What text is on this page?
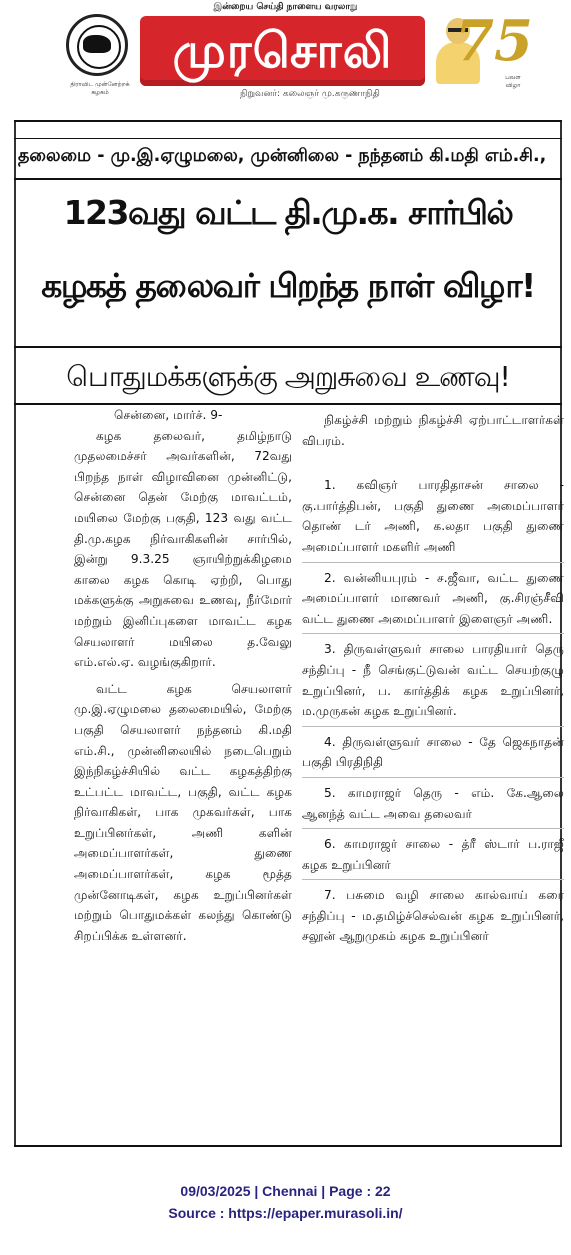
இன்றைய செய்தி நாளைய வரலாறு
திராவிட முன்னேற்றக் கழகம்
முரசொலி
நிறுவனர்: கலைஞர் மு.கருணாநிதி
75
பவள விழா
தலைமை - மு.இ.ஏழுமலை, முன்னிலை - நந்தனம் கி.மதி எம்.சி.,
123வது வட்ட தி.மு.க. சார்பில்
கழகத் தலைவர் பிறந்த நாள் விழா!
பொதுமக்களுக்கு அறுசுவை உணவு!

சென்னை, மார்ச். 9-

கழக தலைவர், தமிழ்நாடு முதலமைச்சர் அவர்களின், 72வது பிறந்த நாள் விழாவினை முன்னிட்டு, சென்னை தென் மேற்கு மாவட்டம், மயிலை மேற்கு பகுதி, 123 வது வட்ட தி.மு.கழக நிர்வாகிகளின் சார்பில், இன்று 9.3.25 ஞாயிற்றுக்கிழமை காலை கழக கொடி ஏற்றி, பொது மக்களுக்கு அறுசுவை உணவு, நீர்மோர் மற்றும் இனிப்புகளை மாவட்ட கழக செயலாளர் மயிலை த.வேலு எம்.எல்.ஏ. வழங்குகிறார்.

வட்ட கழக செயலாளர் மு.இ.ஏழுமலை தலைமையில், மேற்கு பகுதி செயலாளர் நந்தனம் கி.மதி எம்.சி., முன்னிலையில் நடைபெறும் இந்நிகழ்ச்சியில் வட்ட கழகத்திற்கு உட்பட்ட மாவட்ட, பகுதி, வட்ட கழக நிர்வாகிகள், பாக முகவர்கள், பாக உறுப்பினர்கள், அணி களின் அமைப்பாளர்கள், துணை அமைப்பாளர்கள், கழக மூத்த முன்னோடிகள், கழக உறுப்பினர்கள் மற்றும் பொதுமக்கள் கலந்து கொண்டு சிறப்பிக்க உள்ளனர்.

நிகழ்ச்சி மற்றும் நிகழ்ச்சி ஏற்பாட்டாளர்கள் விபரம்.

1. கவிஞர் பாரதிதாசன் சாலை - கு.பார்த்திபன், பகுதி துணை அமைப்பாளர் தொண் டர் அணி, க.லதா பகுதி துணை அமைப்பாளர் மகளிர் அணி

2. வன்னியபுரம் - ச.ஜீவா, வட்ட துணை அமைப்பாளர் மாணவர் அணி, கு.சிரஞ்சீவி வட்ட துணை அமைப்பாளர் இளைஞர் அணி.

3. திருவள்ளுவர் சாலை பாரதியார் தெரு சந்திப்பு - நீ செங்குட்டுவன் வட்ட செயற்குழு உறுப்பினர், ப. கார்த்திக் கழக உறுப்பினர், ம.முருகன் கழக உறுப்பினர்.

4. திருவள்ளுவர் சாலை - தே ஜெகநாதன் பகுதி பிரதிநிதி

5. காமராஜர் தெரு - எம். கே.ஆலை ஆனந்த் வட்ட அவை தலைவர்

6. காமராஜர் சாலை - த்ரீ ஸ்டார் ப.ராஜீ கழக உறுப்பினர்

7. பசுமை வழி சாலை கால்வாய் கரை சந்திப்பு - ம.தமிழ்ச்செல்வன் கழக உறுப்பினர், சலூன் ஆறுமுகம் கழக உறுப்பினர்

09/03/2025 | Chennai | Page : 22
Source : https://epaper.murasoli.in/
